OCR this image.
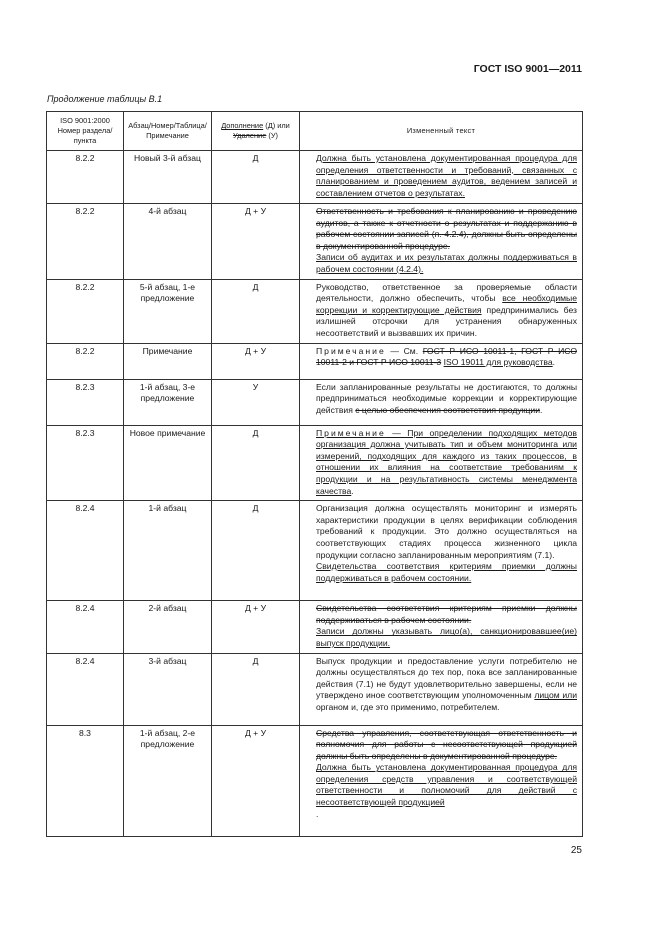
ГОСТ ISO 9001—2011
Продолжение таблицы В.1
ISO 9001:2000 Номер раздела/ пункта	Абзац/Номер/Таблица/Примечание	Дополнение (Д) или Удаление (У)	Измененный текст
8.2.2	Новый 3-й абзац	Д	Должна быть установлена документированная процедура для определения ответственности и требований, связанных с планированием и проведением аудитов, ведением записей и составлением отчетов о результатах.
8.2.2	4-й абзац	Д + У	Ответственность и требования к планированию и проведению аудитов, а также к отчетности о результатах и поддержанию в рабочем состоянии записей (п. 4.2.4), должны быть определены в документированной процедуре.
Записи об аудитах и их результатах должны поддерживаться в рабочем состоянии (4.2.4).

8.2.2	5-й абзац, 1-е предложение	Д	Руководство, ответственное за проверяемые области деятельности, должно обеспечить, чтобы все необходимые коррекции и корректирующие действия предпринимались без излишней отсрочки для устранения обнаруженных несоответствий и вызвавших их причин.
8.2.2	Примечание	Д + У	Примечание — См. ГОСТ Р ИСО 10011-1, ГОСТ Р ИСО 10011-2 и ГОСТ Р ИСО 10011-3 ISO 19011 для руководства.
8.2.3	1-й абзац, 3-е предложение	У	Если запланированные результаты не достигаются, то должны предприниматься необходимые коррекции и корректирующие действия с целью обеспечения соответствия продукции.
8.2.3	Новое примечание	Д	Примечание — При определении подходящих методов организация должна учитывать тип и объем мониторинга или измерений, подходящих для каждого из таких процессов, в отношении их влияния на соответствие требованиям к продукции и на результативность системы менеджмента качества.
8.2.4	1-й абзац	Д	Организация должна осуществлять мониторинг и измерять характеристики продукции в целях верификации соблюдения требований к продукции. Это должно осуществляться на соответствующих стадиях процесса жизненного цикла продукции согласно запланированным мероприятиям (7.1).
Свидетельства соответствия критериям приемки должны поддерживаться в рабочем состоянии.

8.2.4	2-й абзац	Д + У	Свидетельства соответствия критериям приемки должны поддерживаться в рабочем состоянии.
Записи должны указывать лицо(а), санкционировавшее(ие) выпуск продукции.

8.2.4	3-й абзац	Д	Выпуск продукции и предоставление услуги потребителю не должны осуществляться до тех пор, пока все запланированные действия (7.1) не будут удовлетворительно завершены, если не утверждено иное соответствующим уполномоченным лицом или органом и, где это применимо, потребителем.
8.3	1-й абзац, 2-е предложение	Д + У	Средства управления, соответствующая ответственность и полномочия для работы с несоответствующей продукцией должны быть определены в документированной процедуре.
Должна быть установлена документированная процедура для определения средств управления и соответствующей ответственности и полномочий для действий с несоответствующей продукцией
.
25
